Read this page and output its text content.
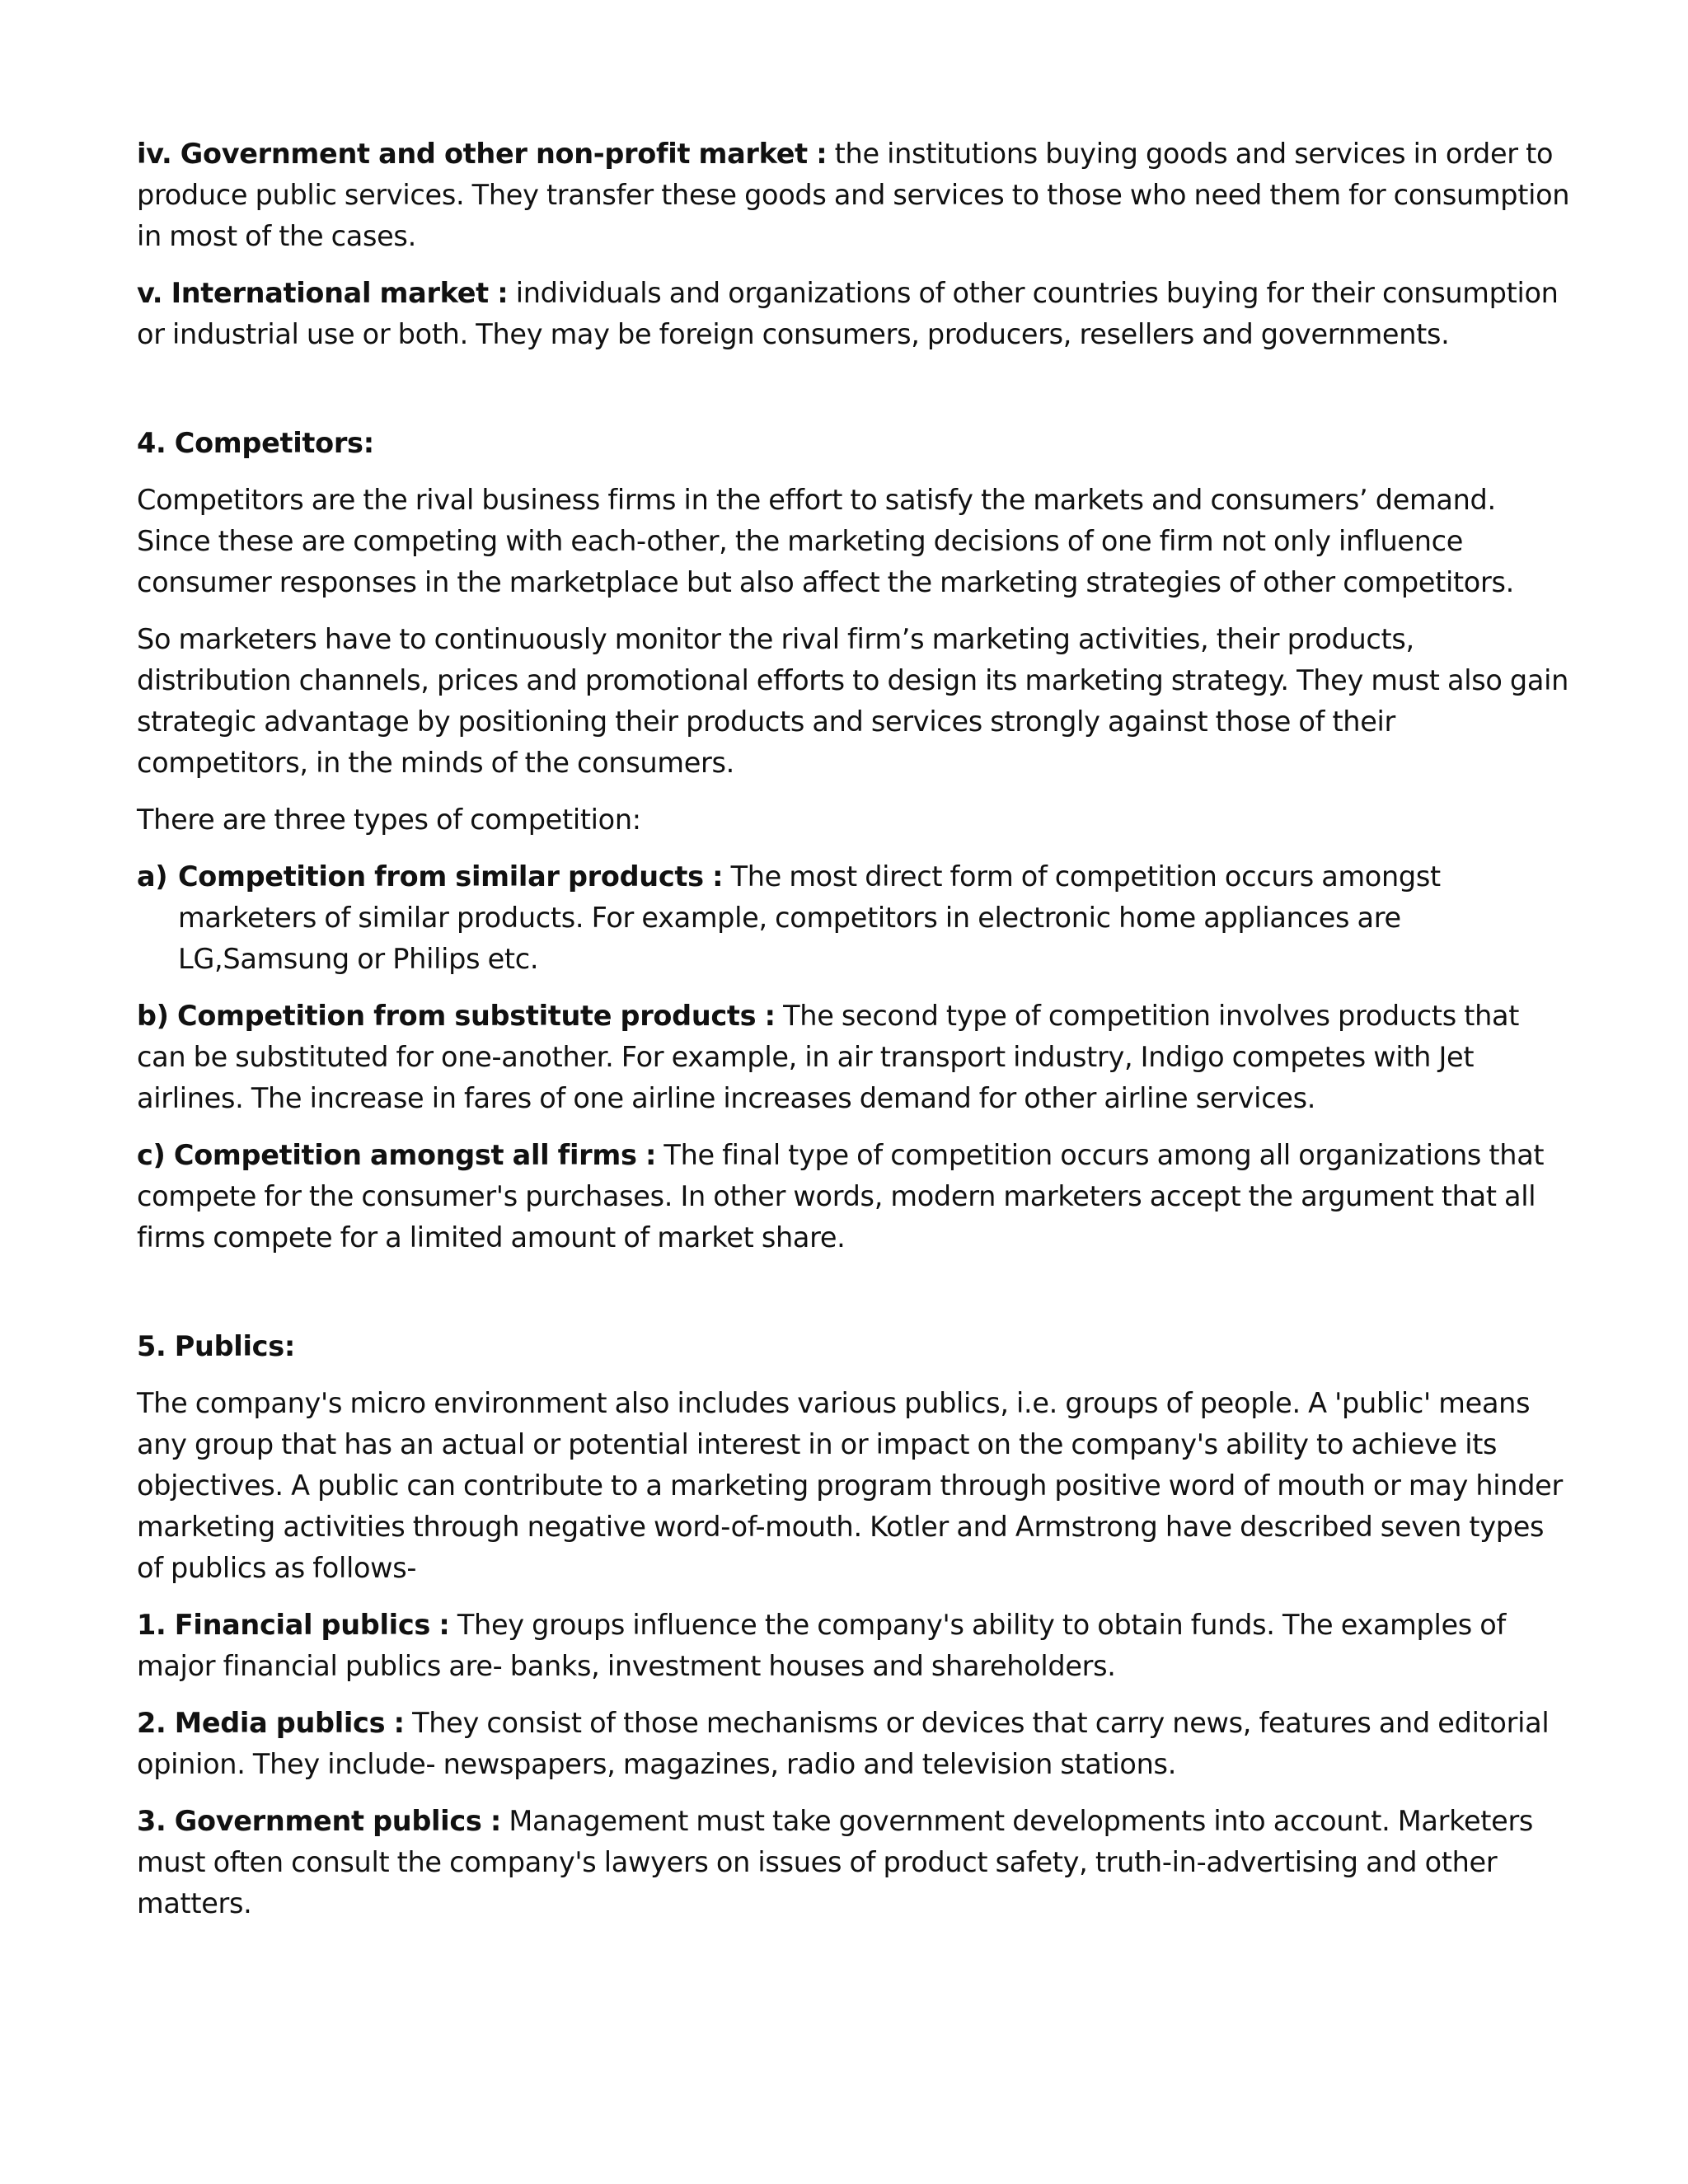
iv. Government and other non-profit market : the institutions buying goods and services in order to produce public services. They transfer these goods and services to those who need them for consumption in most of the cases.

v. International market : individuals and organizations of other countries buying for their consumption or industrial use or both. They may be foreign consumers, producers, resellers and governments.

4. Competitors:

Competitors are the rival business firms in the effort to satisfy the markets and consumers’ demand. Since these are competing with each-other, the marketing decisions of one firm not only influence consumer responses in the marketplace but also affect the marketing strategies of other competitors.

So marketers have to continuously monitor the rival firm’s marketing activities, their products, distribution channels, prices and promotional efforts to design its marketing strategy. They must also gain strategic advantage by positioning their products and services strongly against those of their competitors, in the minds of the consumers.

There are three types of competition:

a) Competition from similar products : The most direct form of competition occurs amongst marketers of similar products. For example, competitors in electronic home appliances are LG,Samsung or Philips etc.

b) Competition from substitute products : The second type of competition involves products that can be substituted for one-another. For example, in air transport industry, Indigo competes with Jet airlines. The increase in fares of one airline increases demand for other airline services.

c) Competition amongst all firms : The final type of competition occurs among all organizations that compete for the consumer's purchases. In other words, modern marketers accept the argument that all firms compete for a limited amount of market share.

5. Publics:

The company's micro environment also includes various publics, i.e. groups of people. A 'public' means any group that has an actual or potential interest in or impact on the company's ability to achieve its objectives. A public can contribute to a marketing program through positive word of mouth or may hinder marketing activities through negative word-of-mouth. Kotler and Armstrong have described seven types of publics as follows-

1. Financial publics : They groups influence the company's ability to obtain funds. The examples of major financial publics are- banks, investment houses and shareholders.

2. Media publics : They consist of those mechanisms or devices that carry news, features and editorial opinion. They include- newspapers, magazines, radio and television stations.

3. Government publics : Management must take government developments into account. Marketers must often consult the company's lawyers on issues of product safety, truth-in-advertising and other matters.
